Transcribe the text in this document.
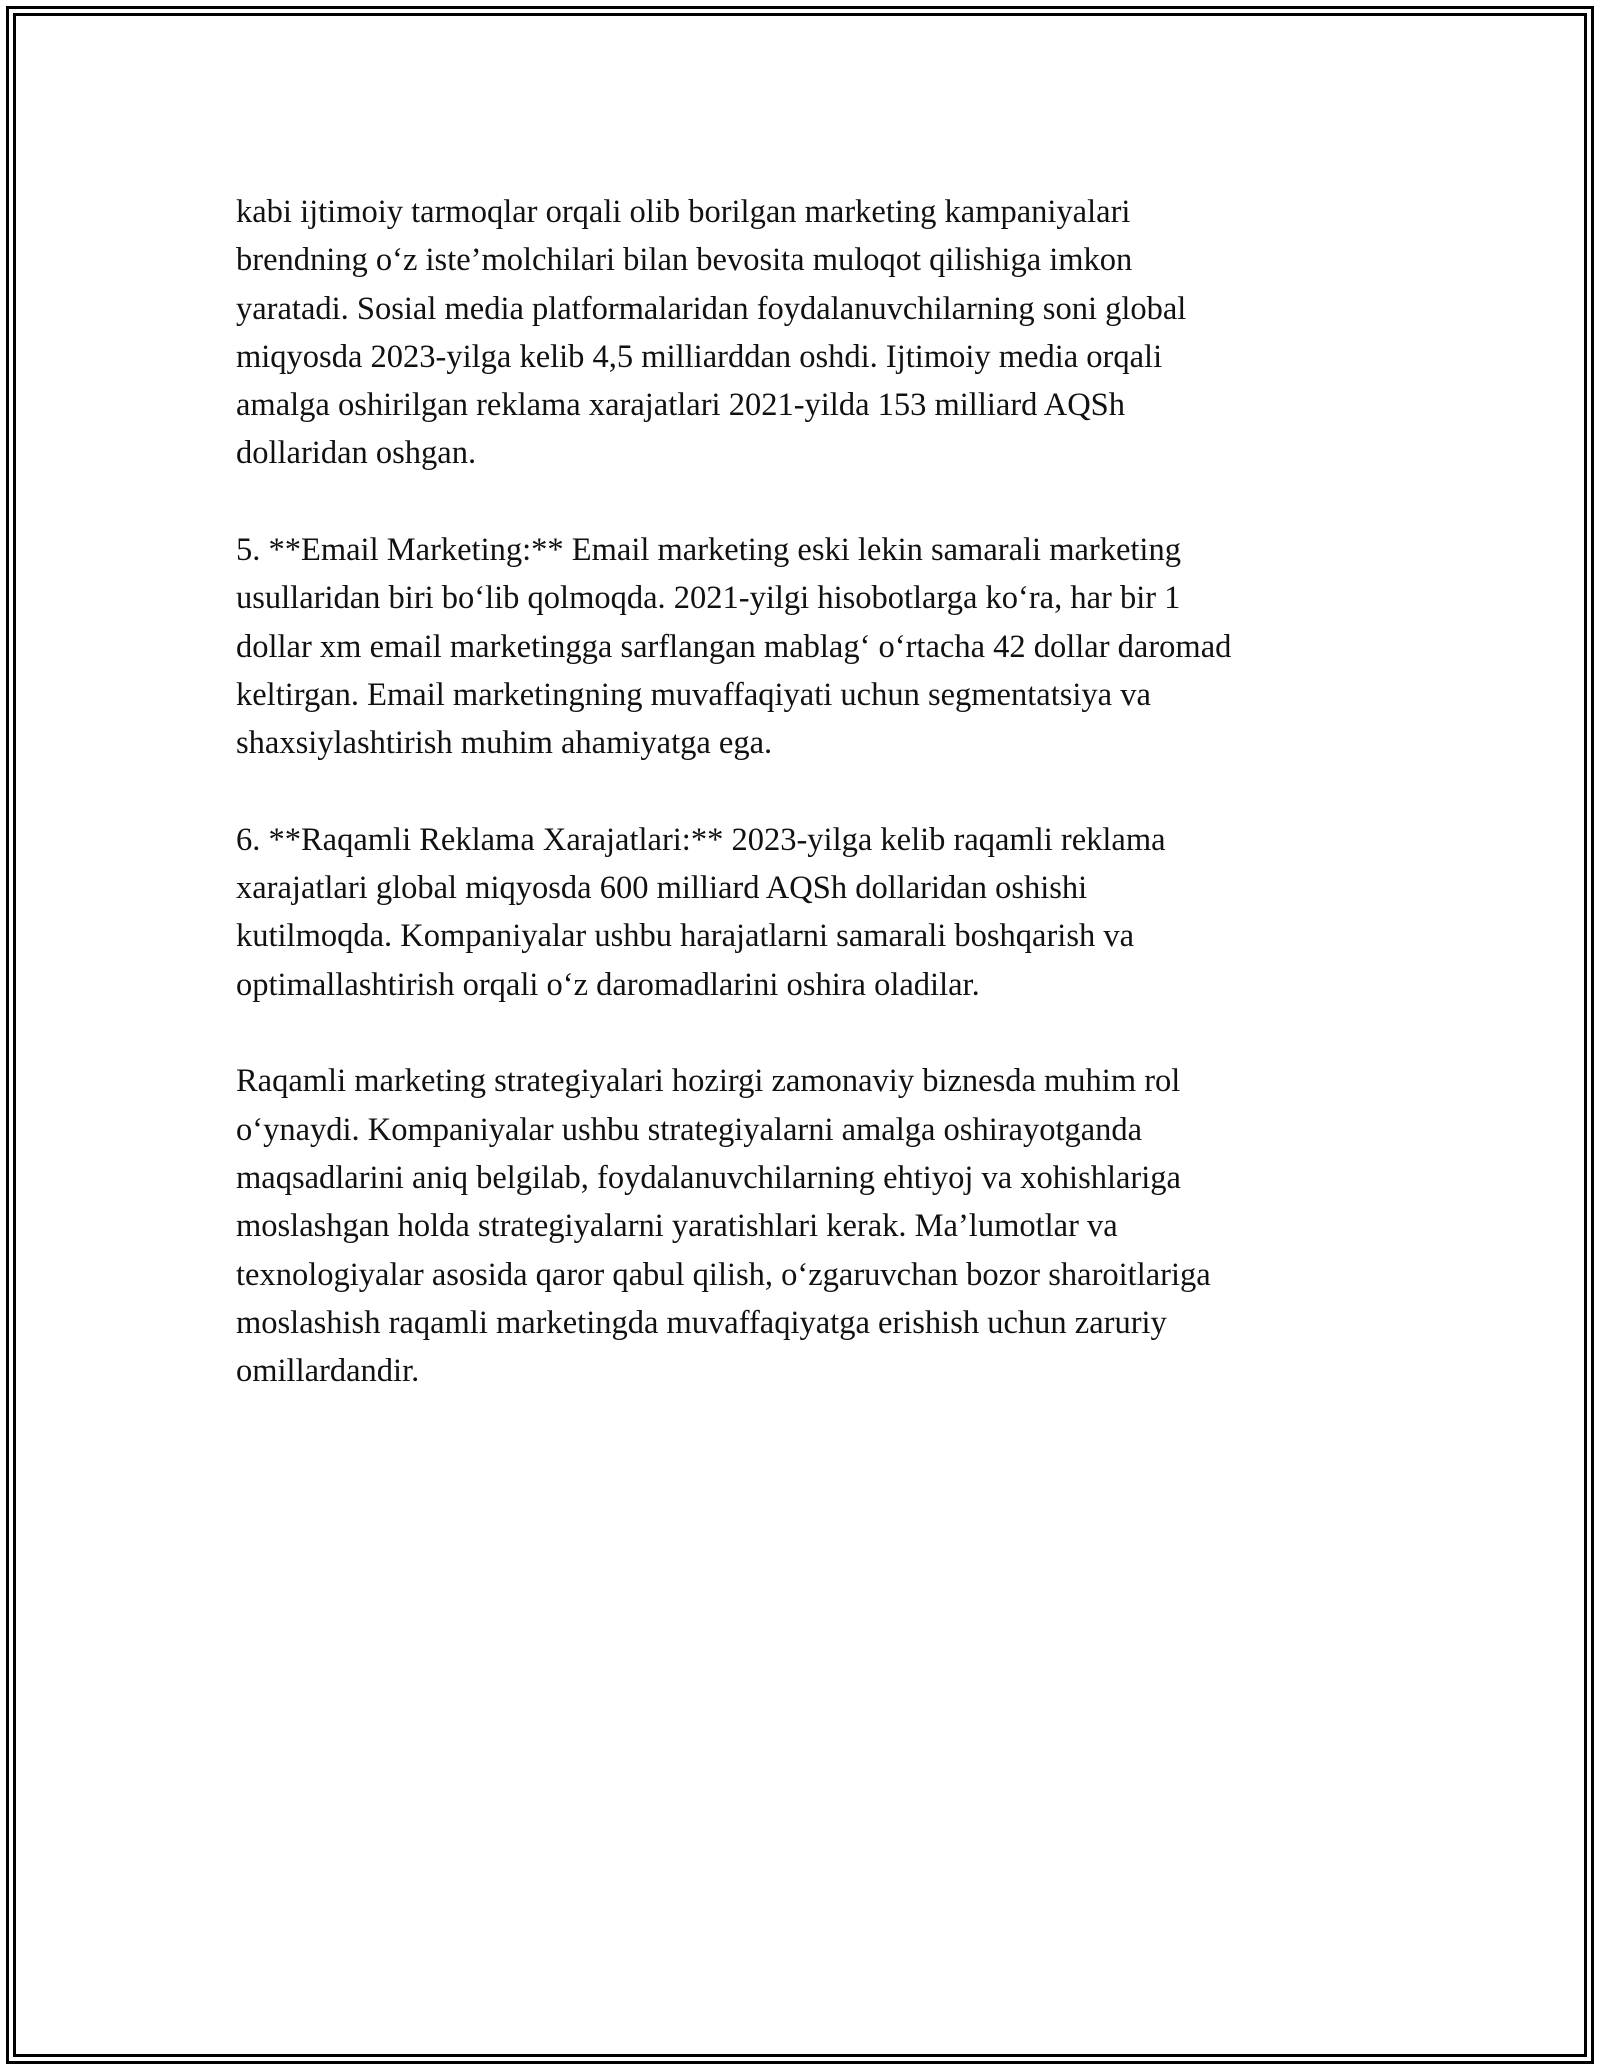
kabi ijtimoiy tarmoqlar orqali olib borilgan marketing kampaniyalari
brendning o‘z iste’molchilari bilan bevosita muloqot qilishiga imkon
yaratadi. Sosial media platformalaridan foydalanuvchilarning soni global
miqyosda 2023-yilga kelib 4,5 milliarddan oshdi. Ijtimoiy media orqali
amalga oshirilgan reklama xarajatlari 2021-yilda 153 milliard AQSh
dollaridan oshgan.

5. **Email Marketing:** Email marketing eski lekin samarali marketing
usullaridan biri bo‘lib qolmoqda. 2021-yilgi hisobotlarga ko‘ra, har bir 1
dollar xm email marketingga sarflangan mablag‘ o‘rtacha 42 dollar daromad
keltirgan. Email marketingning muvaffaqiyati uchun segmentatsiya va
shaxsiylashtirish muhim ahamiyatga ega.

6. **Raqamli Reklama Xarajatlari:** 2023-yilga kelib raqamli reklama
xarajatlari global miqyosda 600 milliard AQSh dollaridan oshishi
kutilmoqda. Kompaniyalar ushbu harajatlarni samarali boshqarish va
optimallashtirish orqali o‘z daromadlarini oshira oladilar.

Raqamli marketing strategiyalari hozirgi zamonaviy biznesda muhim rol
o‘ynaydi. Kompaniyalar ushbu strategiyalarni amalga oshirayotganda
maqsadlarini aniq belgilab, foydalanuvchilarning ehtiyoj va xohishlariga
moslashgan holda strategiyalarni yaratishlari kerak. Ma’lumotlar va
texnologiyalar asosida qaror qabul qilish, o‘zgaruvchan bozor sharoitlariga
moslashish raqamli marketingda muvaffaqiyatga erishish uchun zaruriy
omillardandir.
